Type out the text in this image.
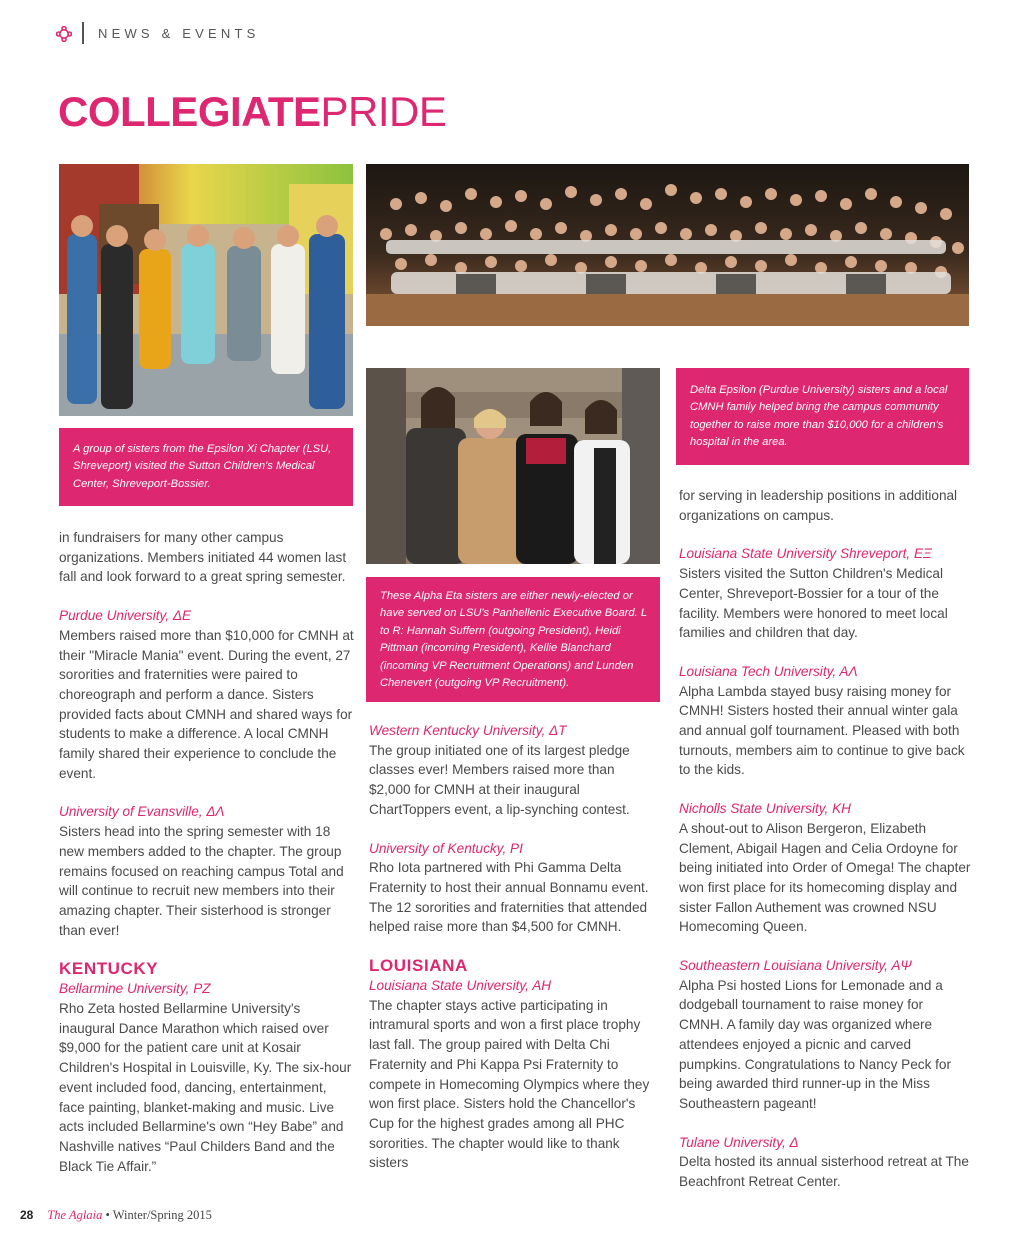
NEWS & EVENTS
COLLEGIATEPRIDE
A group of sisters from the Epsilon Xi Chapter (LSU, Shreveport) visited the Sutton Children's Medical Center, Shreveport-Bossier.
These Alpha Eta sisters are either newly-elected or have served on LSU's Panhellenic Executive Board. L to R: Hannah Suffern (outgoing President), Heidi Pittman (incoming President), Kellie Blanchard (incoming VP Recruitment Operations) and Lunden Chenevert (outgoing VP Recruitment).
Delta Epsilon (Purdue University) sisters and a local CMNH family helped bring the campus community together to raise more than $10,000 for a children's hospital in the area.

in fundraisers for many other campus organizations. Members initiated 44 women last fall and look forward to a great spring semester.

Purdue University, ΔE

Members raised more than $10,000 for CMNH at their "Miracle Mania" event. During the event, 27 sororities and fraternities were paired to choreograph and perform a dance. Sisters provided facts about CMNH and shared ways for students to make a difference. A local CMNH family shared their experience to conclude the event.

University of Evansville, ΔΛ

Sisters head into the spring semester with 18 new members added to the chapter. The group remains focused on reaching campus Total and will continue to recruit new members into their amazing chapter. Their sisterhood is stronger than ever!

KENTUCKY

Bellarmine University, PZ

Rho Zeta hosted Bellarmine University's inaugural Dance Marathon which raised over $9,000 for the patient care unit at Kosair Children's Hospital in Louisville, Ky. The six-hour event included food, dancing, entertainment, face painting, blanket-making and music. Live acts included Bellarmine's own “Hey Babe” and Nashville natives “Paul Childers Band and the Black Tie Affair.”

Western Kentucky University, ΔT

The group initiated one of its largest pledge classes ever! Members raised more than $2,000 for CMNH at their inaugural ChartToppers event, a lip-synching contest.

University of Kentucky, PI

Rho Iota partnered with Phi Gamma Delta Fraternity to host their annual Bonnamu event. The 12 sororities and fraternities that attended helped raise more than $4,500 for CMNH.

LOUISIANA

Louisiana State University, AH

The chapter stays active participating in intramural sports and won a first place trophy last fall. The group paired with Delta Chi Fraternity and Phi Kappa Psi Fraternity to compete in Homecoming Olympics where they won first place. Sisters hold the Chancellor's Cup for the highest grades among all PHC sororities. The chapter would like to thank sisters

for serving in leadership positions in additional organizations on campus.

Louisiana State University Shreveport, EΞ

Sisters visited the Sutton Children's Medical Center, Shreveport-Bossier for a tour of the facility. Members were honored to meet local families and children that day.

Louisiana Tech University, AΛ

Alpha Lambda stayed busy raising money for CMNH! Sisters hosted their annual winter gala and annual golf tournament. Pleased with both turnouts, members aim to continue to give back to the kids.

Nicholls State University, KH

A shout-out to Alison Bergeron, Elizabeth Clement, Abigail Hagen and Celia Ordoyne for being initiated into Order of Omega! The chapter won first place for its homecoming display and sister Fallon Authement was crowned NSU Homecoming Queen.

Southeastern Louisiana University, AΨ

Alpha Psi hosted Lions for Lemonade and a dodgeball tournament to raise money for CMNH. A family day was organized where attendees enjoyed a picnic and carved pumpkins. Congratulations to Nancy Peck for being awarded third runner-up in the Miss Southeastern pageant!

Tulane University, Δ

Delta hosted its annual sisterhood retreat at The Beachfront Retreat Center.

28 The Aglaia • Winter/Spring 2015
